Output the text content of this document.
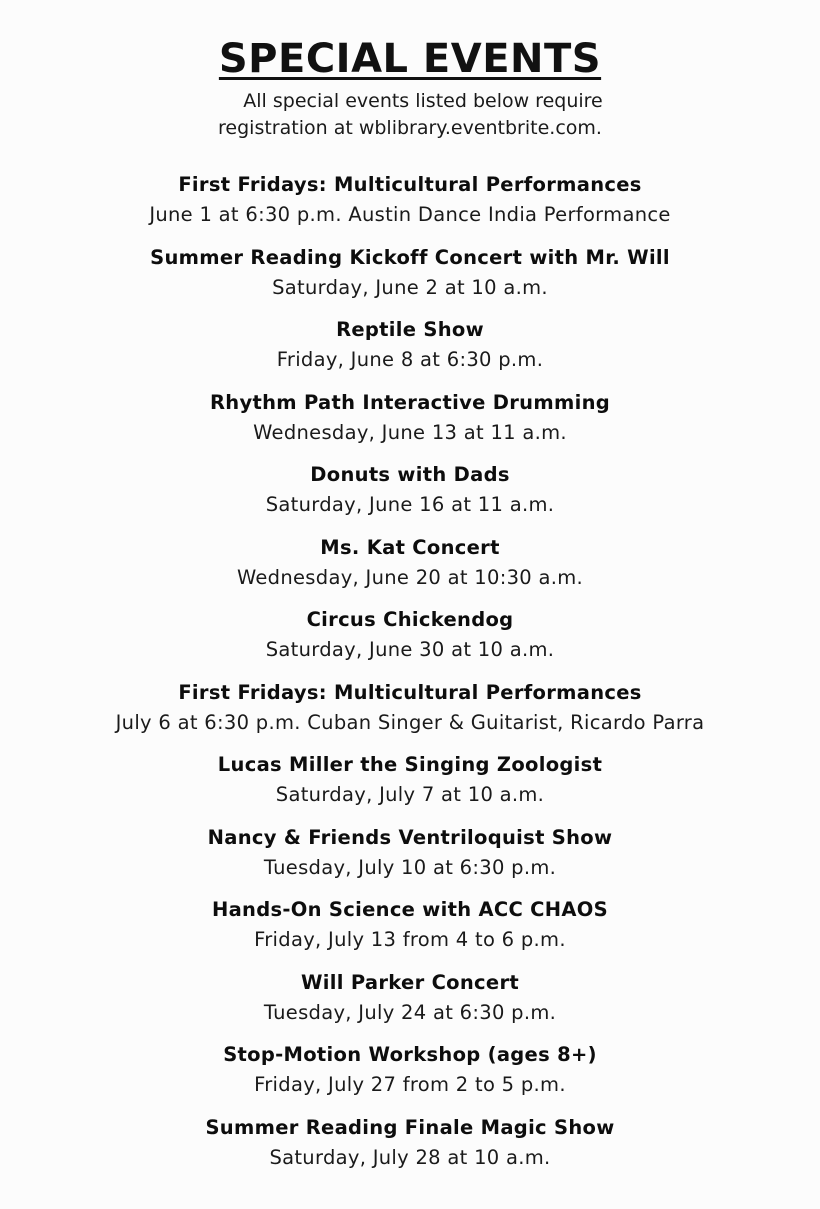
SPECIAL EVENTS
All special events listed below require
registration at wblibrary.eventbrite.com.
First Fridays: Multicultural Performances
June 1 at 6:30 p.m. Austin Dance India Performance
Summer Reading Kickoff Concert with Mr. Will
Saturday, June 2 at 10 a.m.
Reptile Show
Friday, June 8 at 6:30 p.m.
Rhythm Path Interactive Drumming
Wednesday, June 13 at 11 a.m.
Donuts with Dads
Saturday, June 16 at 11 a.m.
Ms. Kat Concert
Wednesday, June 20 at 10:30 a.m.
Circus Chickendog
Saturday, June 30 at 10 a.m.
First Fridays: Multicultural Performances
July 6 at 6:30 p.m. Cuban Singer & Guitarist, Ricardo Parra
Lucas Miller the Singing Zoologist
Saturday, July 7 at 10 a.m.
Nancy & Friends Ventriloquist Show
Tuesday, July 10 at 6:30 p.m.
Hands-On Science with ACC CHAOS
Friday, July 13 from 4 to 6 p.m.
Will Parker Concert
Tuesday, July 24 at 6:30 p.m.
Stop-Motion Workshop (ages 8+)
Friday, July 27 from 2 to 5 p.m.
Summer Reading Finale Magic Show
Saturday, July 28 at 10 a.m.
